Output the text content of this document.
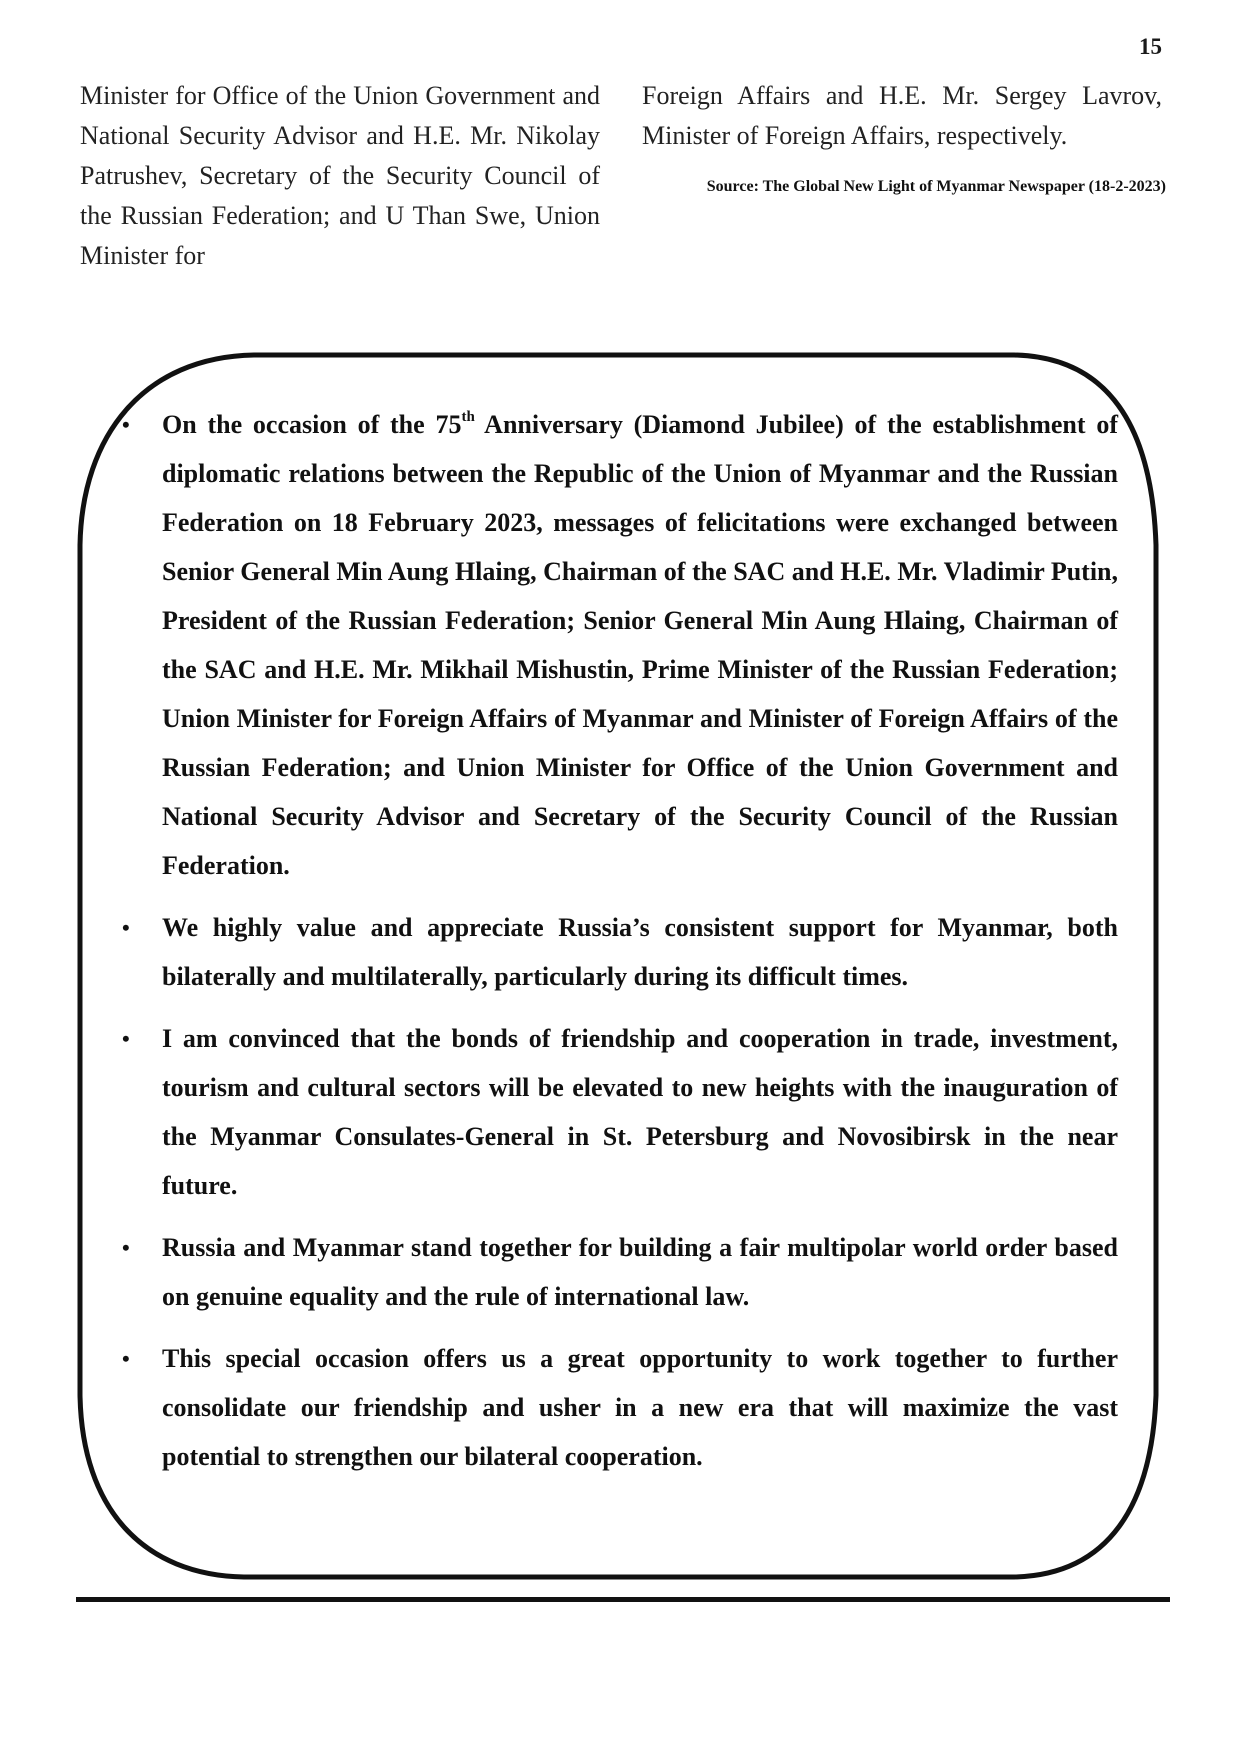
15
Minister for Office of the Union Government and National Security Advisor and H.E. Mr. Nikolay Patrushev, Secretary of the Security Council of the Russian Federation; and U Than Swe, Union Minister for
Foreign Affairs and H.E. Mr. Sergey Lavrov, Minister of Foreign Affairs, respectively.
Source: The Global New Light of Myanmar Newspaper (18-2-2023)
• On the occasion of the 75th Anniversary (Diamond Jubilee) of the establishment of diplomatic relations between the Republic of the Union of Myanmar and the Russian Federation on 18 February 2023, messages of felicitations were exchanged between Senior General Min Aung Hlaing, Chairman of the SAC and H.E. Mr. Vladimir Putin, President of the Russian Federation; Senior General Min Aung Hlaing, Chairman of the SAC and H.E. Mr. Mikhail Mishustin, Prime Minister of the Russian Federation; Union Minister for Foreign Affairs of Myanmar and Minister of Foreign Affairs of the Russian Federation; and Union Minister for Office of the Union Government and National Security Advisor and Secretary of the Security Council of the Russian Federation.
• We highly value and appreciate Russia’s consistent support for Myanmar, both bilaterally and multilaterally, particularly during its difficult times.
• I am convinced that the bonds of friendship and cooperation in trade, investment, tourism and cultural sectors will be elevated to new heights with the inauguration of the Myanmar Consulates-General in St. Petersburg and Novosibirsk in the near future.
• Russia and Myanmar stand together for building a fair multipolar world order based on genuine equality and the rule of international law.
• This special occasion offers us a great opportunity to work together to further consolidate our friendship and usher in a new era that will maximize the vast potential to strengthen our bilateral cooperation.
